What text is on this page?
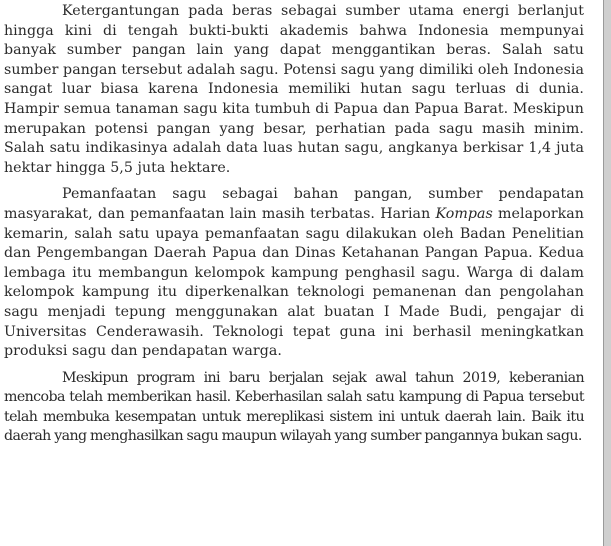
Ketergantungan pada beras sebagai sumber utama energi berlanjut hingga kini di tengah bukti-bukti akademis bahwa Indonesia mempunyai banyak sumber pangan lain yang dapat menggantikan beras. Salah satu sumber pangan tersebut adalah sagu. Potensi sagu yang dimiliki oleh Indonesia sangat luar biasa karena Indonesia memiliki hutan sagu terluas di dunia. Hampir semua tanaman sagu kita tumbuh di Papua dan Papua Barat. Meskipun merupakan potensi pangan yang besar, perhatian pada sagu masih minim. Salah satu indikasinya adalah data luas hutan sagu, angkanya berkisar 1,4 juta hektar hingga 5,5 juta hektare.

Pemanfaatan sagu sebagai bahan pangan, sumber pendapatan masyarakat, dan pemanfaatan lain masih terbatas. Harian Kompas melaporkan kemarin, salah satu upaya pemanfaatan sagu dilakukan oleh Badan Penelitian dan Pengembangan Daerah Papua dan Dinas Ketahanan Pangan Papua. Kedua lembaga itu membangun kelompok kampung penghasil sagu. Warga di dalam kelompok kampung itu diperkenalkan teknologi pemanenan dan pengolahan sagu menjadi tepung menggunakan alat buatan I Made Budi, pengajar di Universitas Cenderawasih. Teknologi tepat guna ini berhasil meningkatkan produksi sagu dan pendapatan warga.

Meskipun program ini baru berjalan sejak awal tahun 2019, keberanian mencoba telah memberikan hasil. Keberhasilan salah satu kampung di Papua tersebut telah membuka kesempatan untuk mereplikasi sistem ini untuk daerah lain. Baik itu daerah yang menghasilkan sagu maupun wilayah yang sumber pangannya bukan sagu.
